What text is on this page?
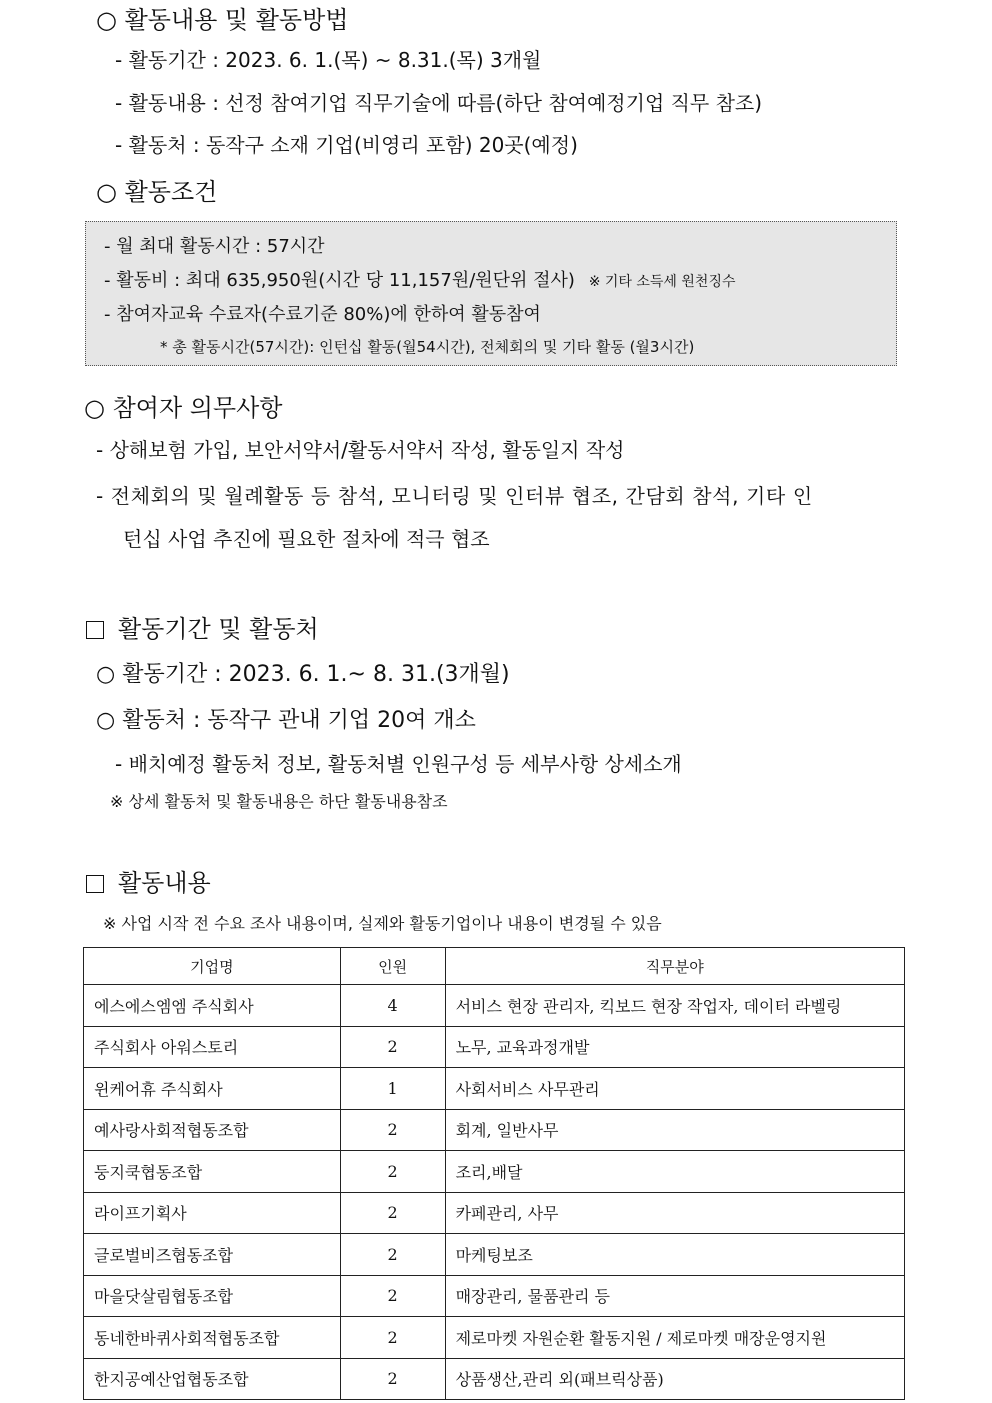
○ 활동내용 및 활동방법
- 활동기간 : 2023. 6. 1.(목) ~ 8.31.(목) 3개월
- 활동내용 : 선정 참여기업 직무기술에 따름(하단 참여예정기업 직무 참조)
- 활동처 : 동작구 소재 기업(비영리 포함) 20곳(예정)
○ 활동조건
- 월 최대 활동시간 : 57시간
- 활동비 : 최대 635,950원(시간 당 11,157원/원단위 절사) ※ 기타 소득세 원천징수
- 참여자교육 수료자(수료기준 80%)에 한하여 활동참여
* 총 활동시간(57시간): 인턴십 활동(월54시간), 전체회의 및 기타 활동 (월3시간)
○ 참여자 의무사항
- 상해보험 가입, 보안서약서/활동서약서 작성, 활동일지 작성
- 전체회의 및 월례활동 등 참석, 모니터링 및 인터뷰 협조, 간담회 참석, 기타 인
턴십 사업 추진에 필요한 절차에 적극 협조
활동기간 및 활동처
○ 활동기간 : 2023. 6. 1.~ 8. 31.(3개월)
○ 활동처 : 동작구 관내 기업 20여 개소
- 배치예정 활동처 정보, 활동처별 인원구성 등 세부사항 상세소개
※ 상세 활동처 및 활동내용은 하단 활동내용참조
활동내용
※ 사업 시작 전 수요 조사 내용이며, 실제와 활동기업이나 내용이 변경될 수 있음
기업명	인원	직무분야
에스에스엠엠 주식회사	4	서비스 현장 관리자, 킥보드 현장 작업자, 데이터 라벨링
주식회사 아워스토리	2	노무, 교육과정개발
윈케어휴 주식회사	1	사회서비스 사무관리
예사랑사회적협동조합	2	회계, 일반사무
둥지쿡협동조합	2	조리,배달
라이프기획사	2	카페관리, 사무
글로벌비즈협동조합	2	마케팅보조
마을닷살림협동조합	2	매장관리, 물품관리 등
동네한바퀴사회적협동조합	2	제로마켓 자원순환 활동지원 / 제로마켓 매장운영지원
한지공예산업협동조합	2	상품생산,관리 외(패브릭상품)
